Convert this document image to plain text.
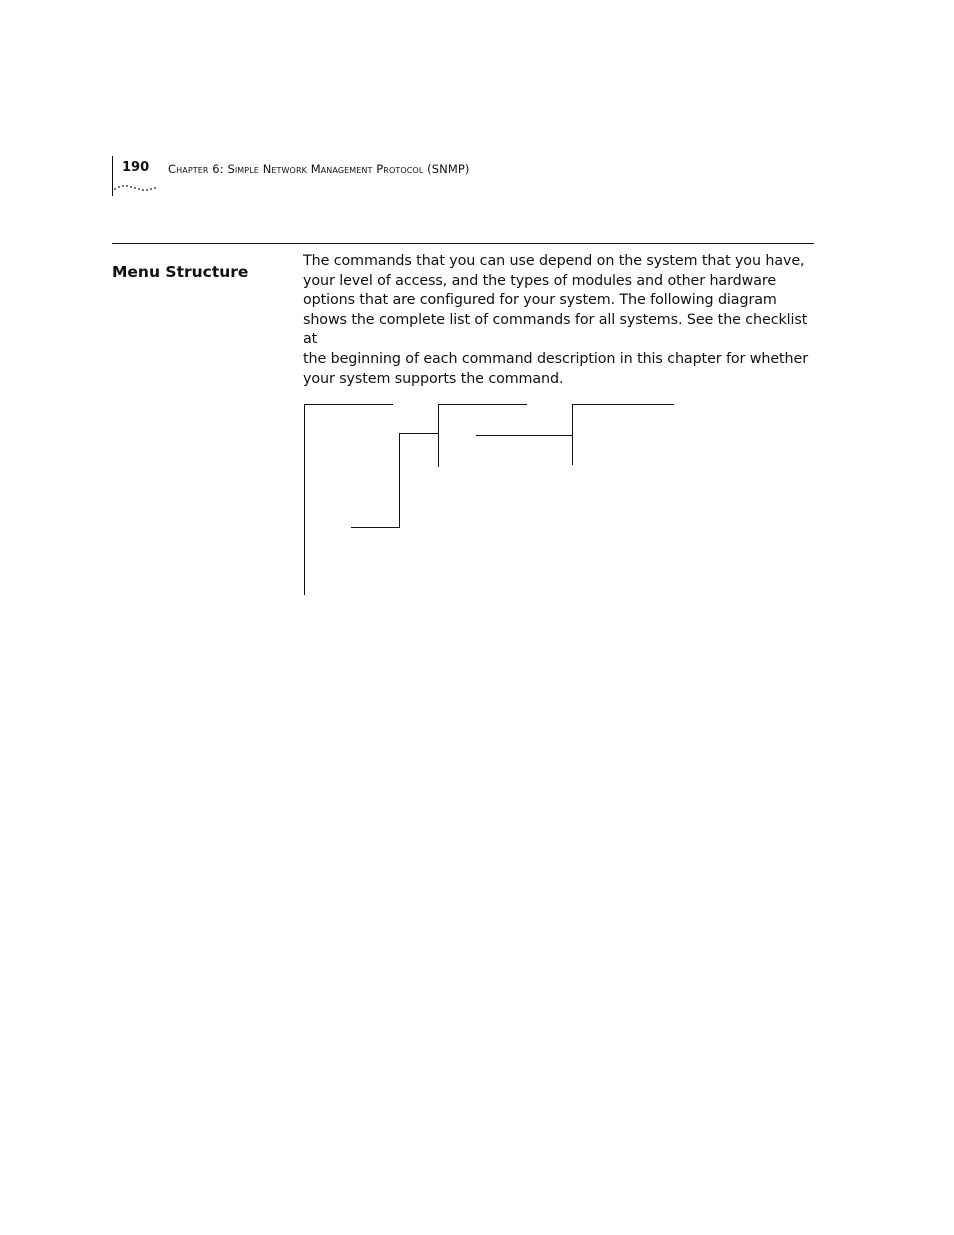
190 Chapter 6: Simple Network Management Protocol (SNMP)
Menu Structure

The commands that you can use depend on the system that you have,

your level of access, and the types of modules and other hardware

options that are configured for your system. The following diagram

shows the complete list of commands for all systems. See the checklist at

the beginning of each command description in this chapter for whether

your system supports the command.
